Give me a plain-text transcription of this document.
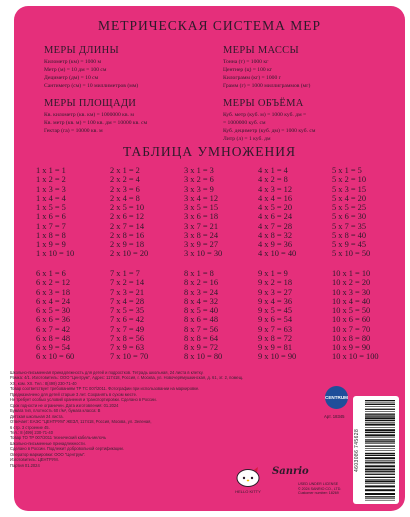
МЕТРИЧЕСКАЯ СИСТЕМА МЕР
МЕРЫ ДЛИНЫ
Километр (км) = 1000 м
Метр (м) = 10 дм = 100 см
Дециметр (дм) = 10 см
Сантиметр (см) = 10 миллиметров (мм)
МЕРЫ МАССЫ
Тонна (т) = 1000 кг
Центнер (ц) = 100 кг
Килограмм (кг) = 1000 г
Грамм (г) = 1000 миллиграммов (мг)
МЕРЫ ПЛОЩАДИ
Кв. километр (кв. км) = 1000000 кв. м
Кв. метр (кв. м) = 100 кв. дм = 10000 кв. см
Гектар (га) = 10000 кв. м
МЕРЫ ОБЪЁМА
Куб. метр (куб. м) = 1000 куб. дм =
= 1000000 куб. см
Куб. дециметр (куб. дм) = 1000 куб. см
Литр (л) = 1 куб. дм
ТАБЛИЦА УМНОЖЕНИЯ
1 x 1 = 1	2 x 1 = 2	3 x 1 = 3	4 x 1 = 4	5 x 1 = 5
1 x 2 = 2	2 x 2 = 4	3 x 2 = 6	4 x 2 = 8	5 x 2 = 10
1 x 3 = 3	2 x 3 = 6	3 x 3 = 9	4 x 3 = 12	5 x 3 = 15
1 x 4 = 4	2 x 4 = 8	3 x 4 = 12	4 x 4 = 16	5 x 4 = 20
1 x 5 = 5	2 x 5 = 10	3 x 5 = 15	4 x 5 = 20	5 x 5 = 25
1 x 6 = 6	2 x 6 = 12	3 x 6 = 18	4 x 6 = 24	5 x 6 = 30
1 x 7 = 7	2 x 7 = 14	3 x 7 = 21	4 x 7 = 28	5 x 7 = 35
1 x 8 = 8	2 x 8 = 16	3 x 8 = 24	4 x 8 = 32	5 x 8 = 40
1 x 9 = 9	2 x 9 = 18	3 x 9 = 27	4 x 9 = 36	5 x 9 = 45
1 x 10 = 10	2 x 10 = 20	3 x 10 = 30	4 x 10 = 40	5 x 10 = 50
6 x 1 = 6	7 x 1 = 7	8 x 1 = 8	9 x 1 = 9	10 x 1 = 10
6 x 2 = 12	7 x 2 = 14	8 x 2 = 16	9 x 2 = 18	10 x 2 = 20
6 x 3 = 18	7 x 3 = 21	8 x 3 = 24	9 x 3 = 27	10 x 3 = 30
6 x 4 = 24	7 x 4 = 28	8 x 4 = 32	9 x 4 = 36	10 x 4 = 40
6 x 5 = 30	7 x 5 = 35	8 x 5 = 40	9 x 5 = 45	10 x 5 = 50
6 x 6 = 36	7 x 6 = 42	8 x 6 = 48	9 x 6 = 54	10 x 6 = 60
6 x 7 = 42	7 x 7 = 49	8 x 7 = 56	9 x 7 = 63	10 x 7 = 70
6 x 8 = 48	7 x 8 = 56	8 x 8 = 64	9 x 8 = 72	10 x 8 = 80
6 x 9 = 54	7 x 9 = 63	8 x 9 = 72	9 x 9 = 81	10 x 9 = 90
6 x 10 = 60	7 x 10 = 70	8 x 10 = 80	9 x 10 = 90	10 x 10 = 100
Школьно-письменная принадлежность для детей и подростков. Тетрадь школьная, 24 листа в клетку.
Рамка: 4/1. Изготовитель: ООО "Центрум", Адрес: 117418, Россия, г. Москва, ул. Новочерёмушкинская, д. 61, эт. 2, помещ.
XX, ком. XX. Тел.: 8(499) 230-71-40
Товар соответствует требованиям ТР ТС 007/2011. Фотографии при использовании на маркировке.
Предназначено для детей старше 3 лет. Сохранять в сухом месте.
Не требует особых условий хранения и транспортировки. Сделано в России.
Срок годности не ограничен. Дата изготовления: 01.2024
Бумага тип, плотность 60 г/м², бумага класса: B
Детская школьная 24 листа.
Отвечает: ЕАЭС "ЦЕНТРУМ" ЖЕЗЛ, 117418, Россия, Москва, ул. Зеленая,
6 стр. 3 строение 45.
Тел.: 8 (499) 230-71-40
Товар ТО ТР 007/2011 технический кабель-мелочь
Школьно-письменные принадлежности.
Сделано в России. Подлежит добровольной сертификации.
Оператор маркировки: ООО "Центрум".
Изготовитель: ЦЕНТРУМ.
Партия 01.2024
CENTRUM
Арт. 18345
HELLO KITTY
Sanrio
USED UNDER LICENSE
© 2024 SANRIO CO., LTD.
Customer number: 18269
4603086 745628
